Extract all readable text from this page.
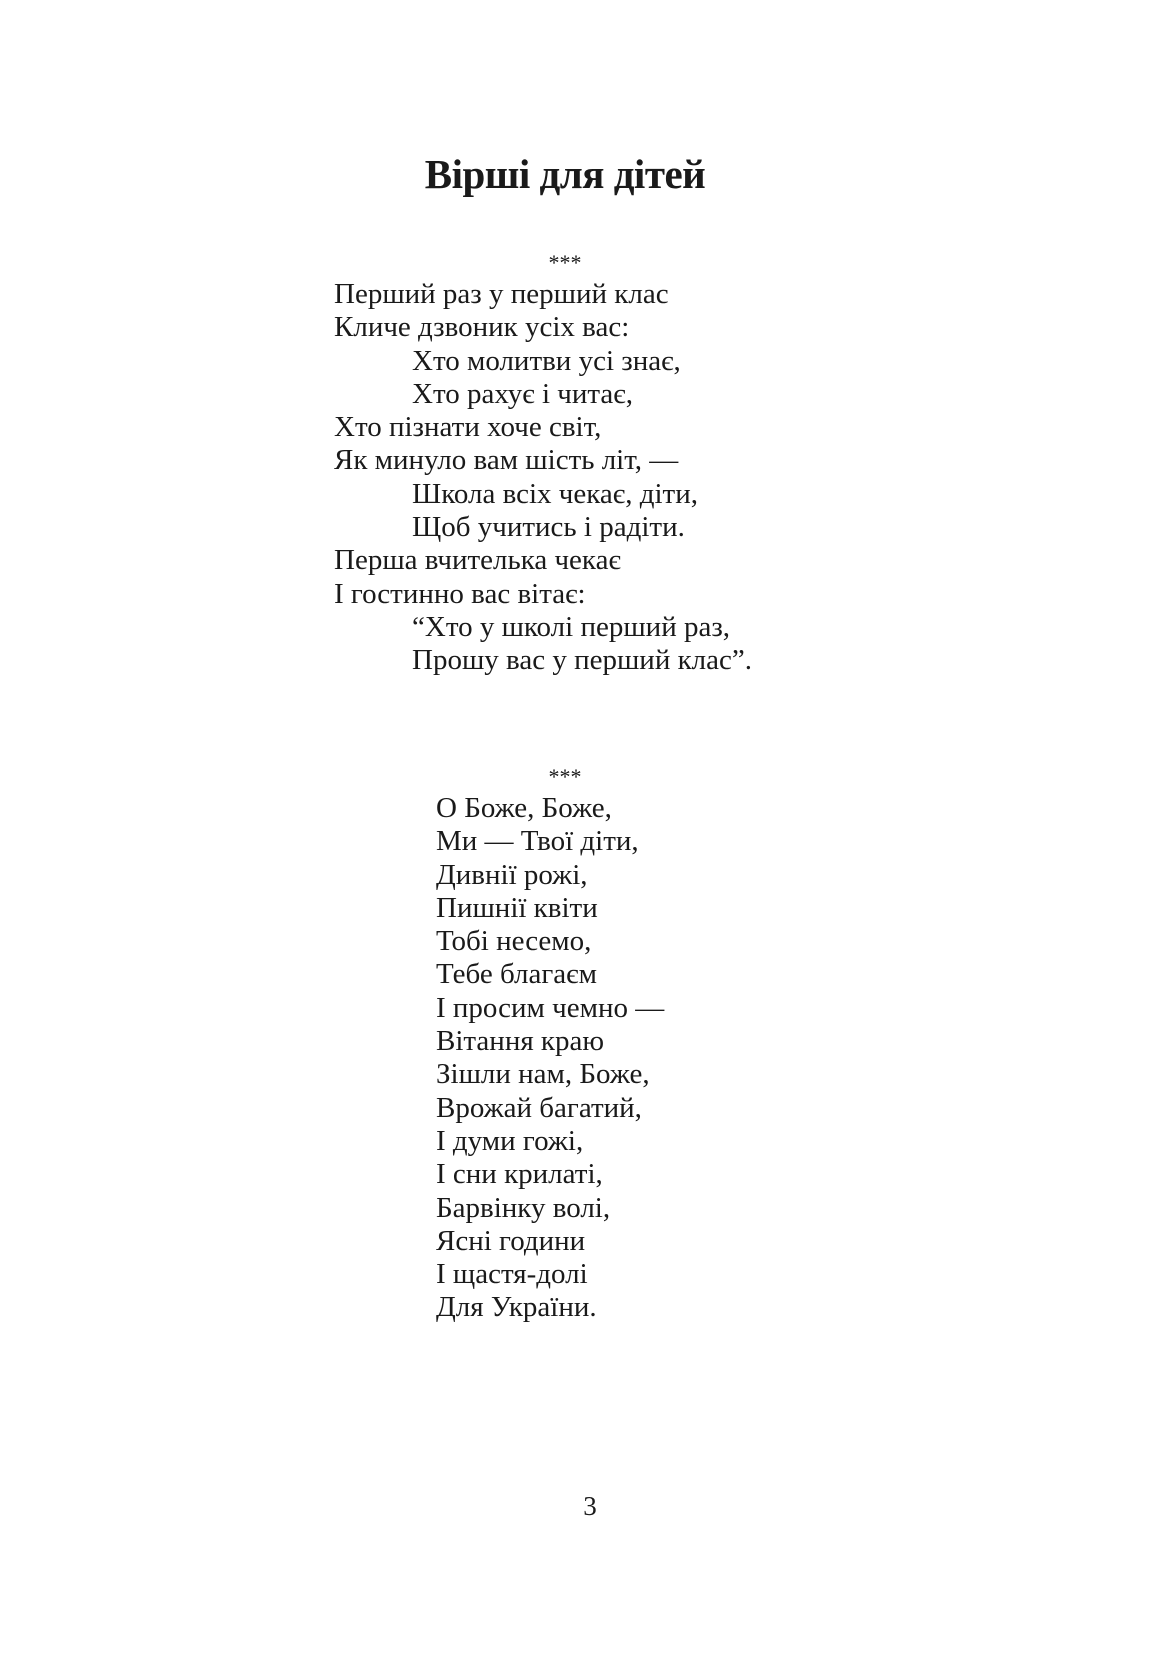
Вірші для дітей
***
Перший раз у перший клас
Кличе дзвоник усіх вас:
Хто молитви усі знає,
Хто рахує і читає,
Хто пізнати хоче світ,
Як минуло вам шість літ, —
Школа всіх чекає, діти,
Щоб учитись і радіти.
Перша вчителька чекає
І гостинно вас вітає:
“Хто у школі перший раз,
Прошу вас у перший клас”.
***
О Боже, Боже,
Ми — Твої діти,
Дивнії рожі,
Пишнії квіти
Тобі несемо,
Тебе благаєм
І просим чемно —
Вітання краю
Зішли нам, Боже,
Врожай багатий,
І думи гожі,
І сни крилаті,
Барвінку волі,
Ясні години
І щастя-долі
Для України.
3
